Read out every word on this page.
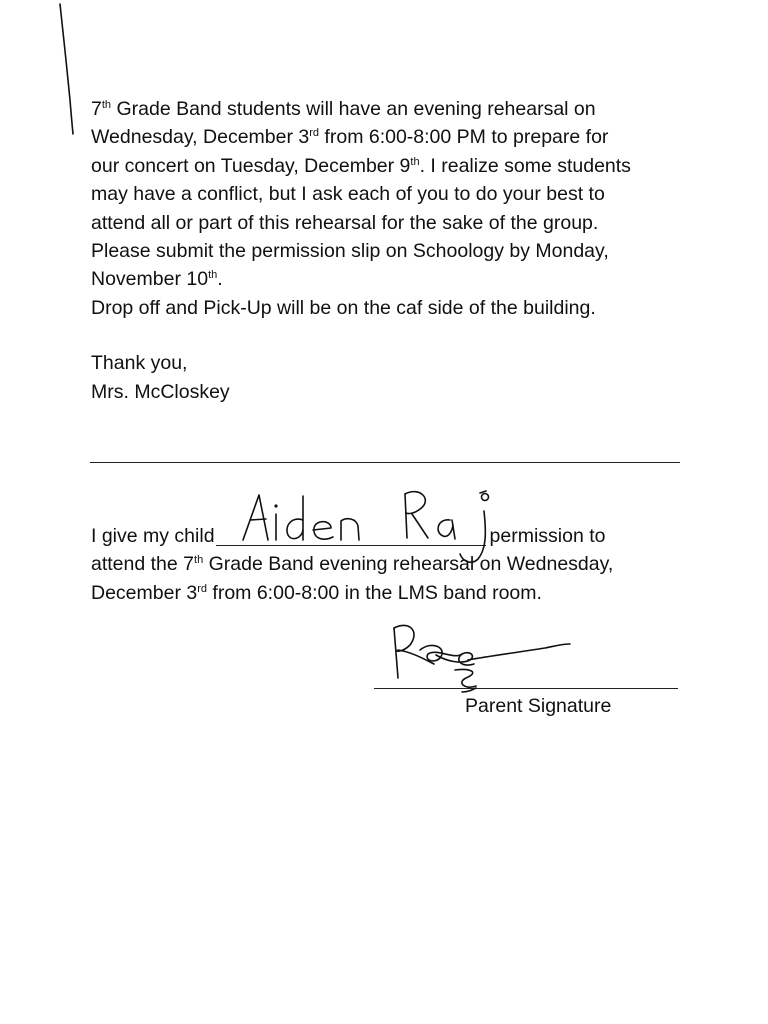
7th Grade Band students will have an evening rehearsal on
Wednesday, December 3rd from 6:00-8:00 PM to prepare for
our concert on Tuesday, December 9th. I realize some students
may have a conflict, but I ask each of you to do your best to
attend all or part of this rehearsal for the sake of the group.
Please submit the permission slip on Schoology by Monday,
November 10th.
Drop off and Pick-Up will be on the caf side of the building.
Thank you,
Mrs. McCloskey
I give my child	permission to
attend the 7th Grade Band evening rehearsal on Wednesday,
December 3rd from 6:00-8:00 in the LMS band room.
Parent Signature
